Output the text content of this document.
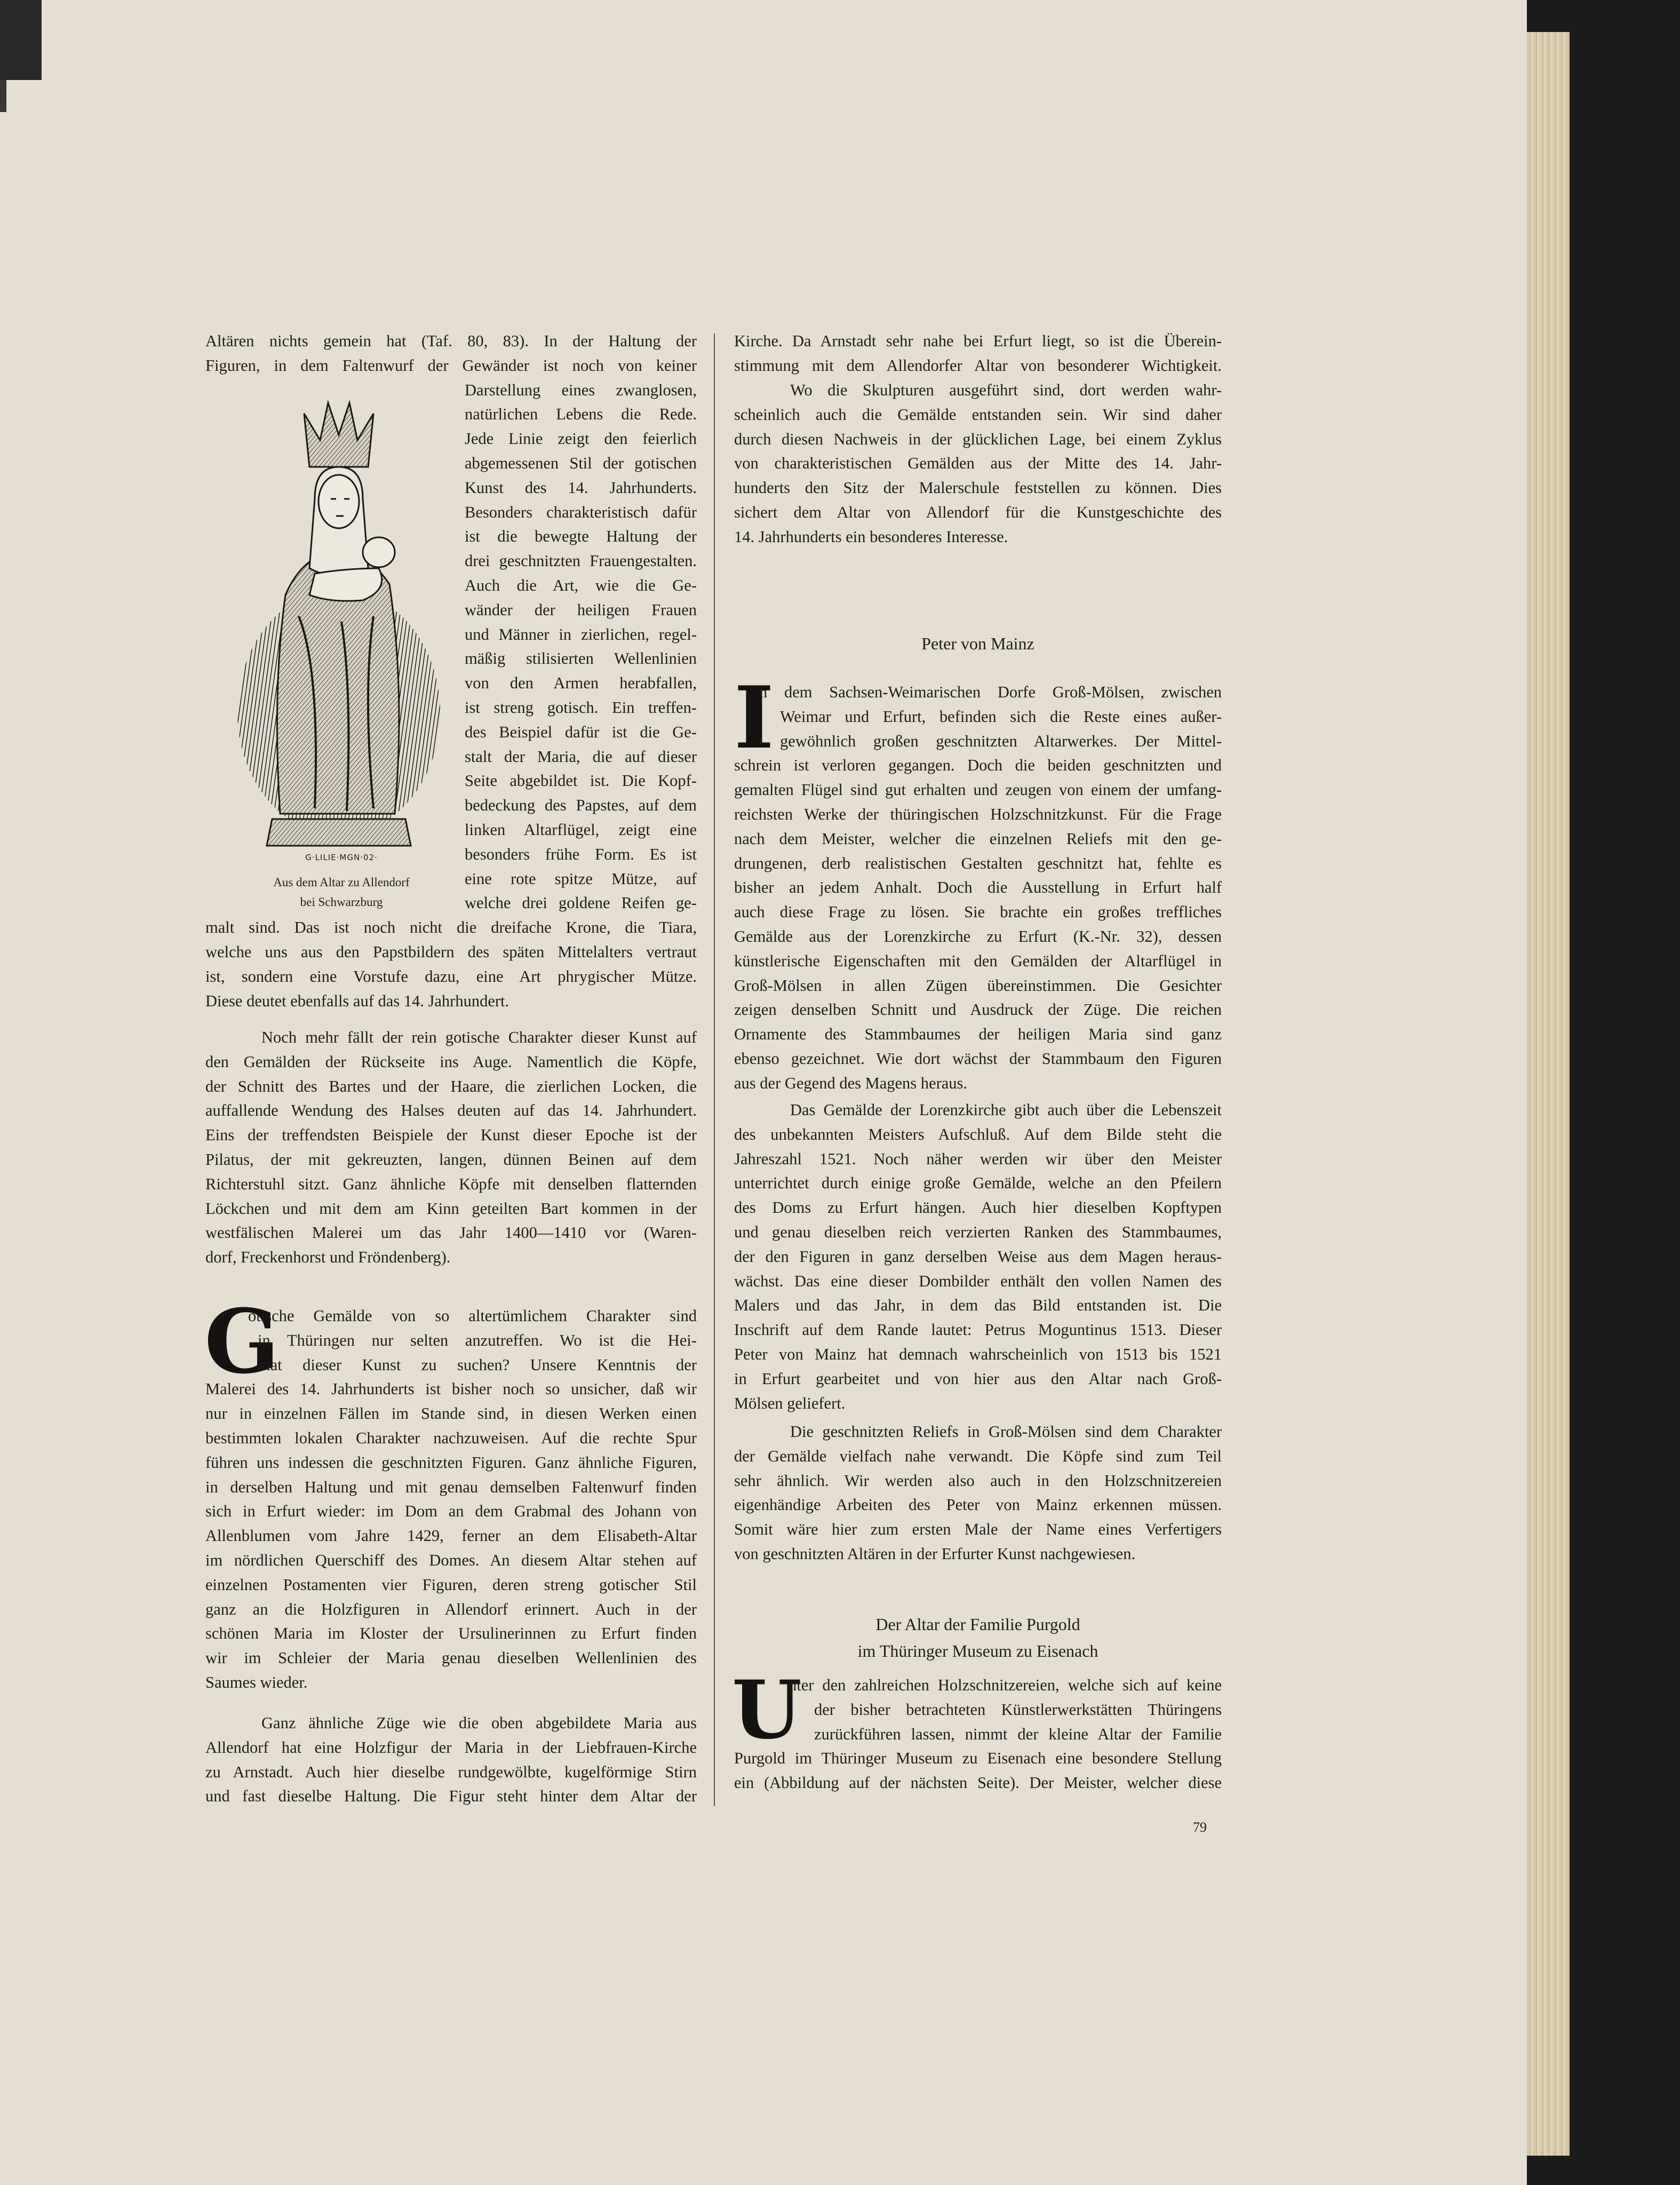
G·LILIE·MGN·02·
Aus dem Altar zu Allendorf
bei Schwarzburg
Altären nichts gemein hat (Taf. 80, 83). In der Haltung der
Figuren, in dem Faltenwurf der Gewänder ist noch von keiner
Darstellung eines zwanglosen,
natürlichen Lebens die Rede.
Jede Linie zeigt den feierlich
abgemessenen Stil der gotischen
Kunst des 14. Jahrhunderts.
Besonders charakteristisch dafür
ist die bewegte Haltung der
drei geschnitzten Frauengestalten.
Auch die Art, wie die Ge-
wänder der heiligen Frauen
und Männer in zierlichen, regel-
mäßig stilisierten Wellenlinien
von den Armen herabfallen,
ist streng gotisch. Ein treffen-
des Beispiel dafür ist die Ge-
stalt der Maria, die auf dieser
Seite abgebildet ist. Die Kopf-
bedeckung des Papstes, auf dem
linken Altarflügel, zeigt eine
besonders frühe Form. Es ist
eine rote spitze Mütze, auf
welche drei goldene Reifen ge-
malt sind. Das ist noch nicht die dreifache Krone, die Tiara,
welche uns aus den Papstbildern des späten Mittelalters vertraut
ist, sondern eine Vorstufe dazu, eine Art phrygischer Mütze.
Diese deutet ebenfalls auf das 14. Jahrhundert.
Noch mehr fällt der rein gotische Charakter dieser Kunst auf
den Gemälden der Rückseite ins Auge. Namentlich die Köpfe,
der Schnitt des Bartes und der Haare, die zierlichen Locken, die
auffallende Wendung des Halses deuten auf das 14. Jahrhundert.
Eins der treffendsten Beispiele der Kunst dieser Epoche ist der
Pilatus, der mit gekreuzten, langen, dünnen Beinen auf dem
Richterstuhl sitzt. Ganz ähnliche Köpfe mit denselben flatternden
Löckchen und mit dem am Kinn geteilten Bart kommen in der
westfälischen Malerei um das Jahr 1400—1410 vor (Waren-
dorf, Freckenhorst und Fröndenberg).
G
otische Gemälde von so altertümlichem Charakter sind
in Thüringen nur selten anzutreffen. Wo ist die Hei-
mat dieser Kunst zu suchen? Unsere Kenntnis der
Malerei des 14. Jahrhunderts ist bisher noch so unsicher, daß wir
nur in einzelnen Fällen im Stande sind, in diesen Werken einen
bestimmten lokalen Charakter nachzuweisen. Auf die rechte Spur
führen uns indessen die geschnitzten Figuren. Ganz ähnliche Figuren,
in derselben Haltung und mit genau demselben Faltenwurf finden
sich in Erfurt wieder: im Dom an dem Grabmal des Johann von
Allenblumen vom Jahre 1429, ferner an dem Elisabeth-Altar
im nördlichen Querschiff des Domes. An diesem Altar stehen auf
einzelnen Postamenten vier Figuren, deren streng gotischer Stil
ganz an die Holzfiguren in Allendorf erinnert. Auch in der
schönen Maria im Kloster der Ursulinerinnen zu Erfurt finden
wir im Schleier der Maria genau dieselben Wellenlinien des
Saumes wieder.
Ganz ähnliche Züge wie die oben abgebildete Maria aus
Allendorf hat eine Holzfigur der Maria in der Liebfrauen-Kirche
zu Arnstadt. Auch hier dieselbe rundgewölbte, kugelförmige Stirn
und fast dieselbe Haltung. Die Figur steht hinter dem Altar der
Kirche. Da Arnstadt sehr nahe bei Erfurt liegt, so ist die Überein-
stimmung mit dem Allendorfer Altar von besonderer Wichtigkeit.
Wo die Skulpturen ausgeführt sind, dort werden wahr-
scheinlich auch die Gemälde entstanden sein. Wir sind daher
durch diesen Nachweis in der glücklichen Lage, bei einem Zyklus
von charakteristischen Gemälden aus der Mitte des 14. Jahr-
hunderts den Sitz der Malerschule feststellen zu können. Dies
sichert dem Altar von Allendorf für die Kunstgeschichte des
14. Jahrhunderts ein besonderes Interesse.
Peter von Mainz
I
n dem Sachsen-Weimarischen Dorfe Groß-Mölsen, zwischen
Weimar und Erfurt, befinden sich die Reste eines außer-
gewöhnlich großen geschnitzten Altarwerkes. Der Mittel-
schrein ist verloren gegangen. Doch die beiden geschnitzten und
gemalten Flügel sind gut erhalten und zeugen von einem der umfang-
reichsten Werke der thüringischen Holzschnitzkunst. Für die Frage
nach dem Meister, welcher die einzelnen Reliefs mit den ge-
drungenen, derb realistischen Gestalten geschnitzt hat, fehlte es
bisher an jedem Anhalt. Doch die Ausstellung in Erfurt half
auch diese Frage zu lösen. Sie brachte ein großes treffliches
Gemälde aus der Lorenzkirche zu Erfurt (K.-Nr. 32), dessen
künstlerische Eigenschaften mit den Gemälden der Altarflügel in
Groß-Mölsen in allen Zügen übereinstimmen. Die Gesichter
zeigen denselben Schnitt und Ausdruck der Züge. Die reichen
Ornamente des Stammbaumes der heiligen Maria sind ganz
ebenso gezeichnet. Wie dort wächst der Stammbaum den Figuren
aus der Gegend des Magens heraus.
Das Gemälde der Lorenzkirche gibt auch über die Lebenszeit
des unbekannten Meisters Aufschluß. Auf dem Bilde steht die
Jahreszahl 1521. Noch näher werden wir über den Meister
unterrichtet durch einige große Gemälde, welche an den Pfeilern
des Doms zu Erfurt hängen. Auch hier dieselben Kopftypen
und genau dieselben reich verzierten Ranken des Stammbaumes,
der den Figuren in ganz derselben Weise aus dem Magen heraus-
wächst. Das eine dieser Dombilder enthält den vollen Namen des
Malers und das Jahr, in dem das Bild entstanden ist. Die
Inschrift auf dem Rande lautet: Petrus Moguntinus 1513. Dieser
Peter von Mainz hat demnach wahrscheinlich von 1513 bis 1521
in Erfurt gearbeitet und von hier aus den Altar nach Groß-
Mölsen geliefert.
Die geschnitzten Reliefs in Groß-Mölsen sind dem Charakter
der Gemälde vielfach nahe verwandt. Die Köpfe sind zum Teil
sehr ähnlich. Wir werden also auch in den Holzschnitzereien
eigenhändige Arbeiten des Peter von Mainz erkennen müssen.
Somit wäre hier zum ersten Male der Name eines Verfertigers
von geschnitzten Altären in der Erfurter Kunst nachgewiesen.
Der Altar der Familie Purgold
im Thüringer Museum zu Eisenach
U
nter den zahlreichen Holzschnitzereien, welche sich auf keine
der bisher betrachteten Künstlerwerkstätten Thüringens
zurückführen lassen, nimmt der kleine Altar der Familie
Purgold im Thüringer Museum zu Eisenach eine besondere Stellung
ein (Abbildung auf der nächsten Seite). Der Meister, welcher diese
79
